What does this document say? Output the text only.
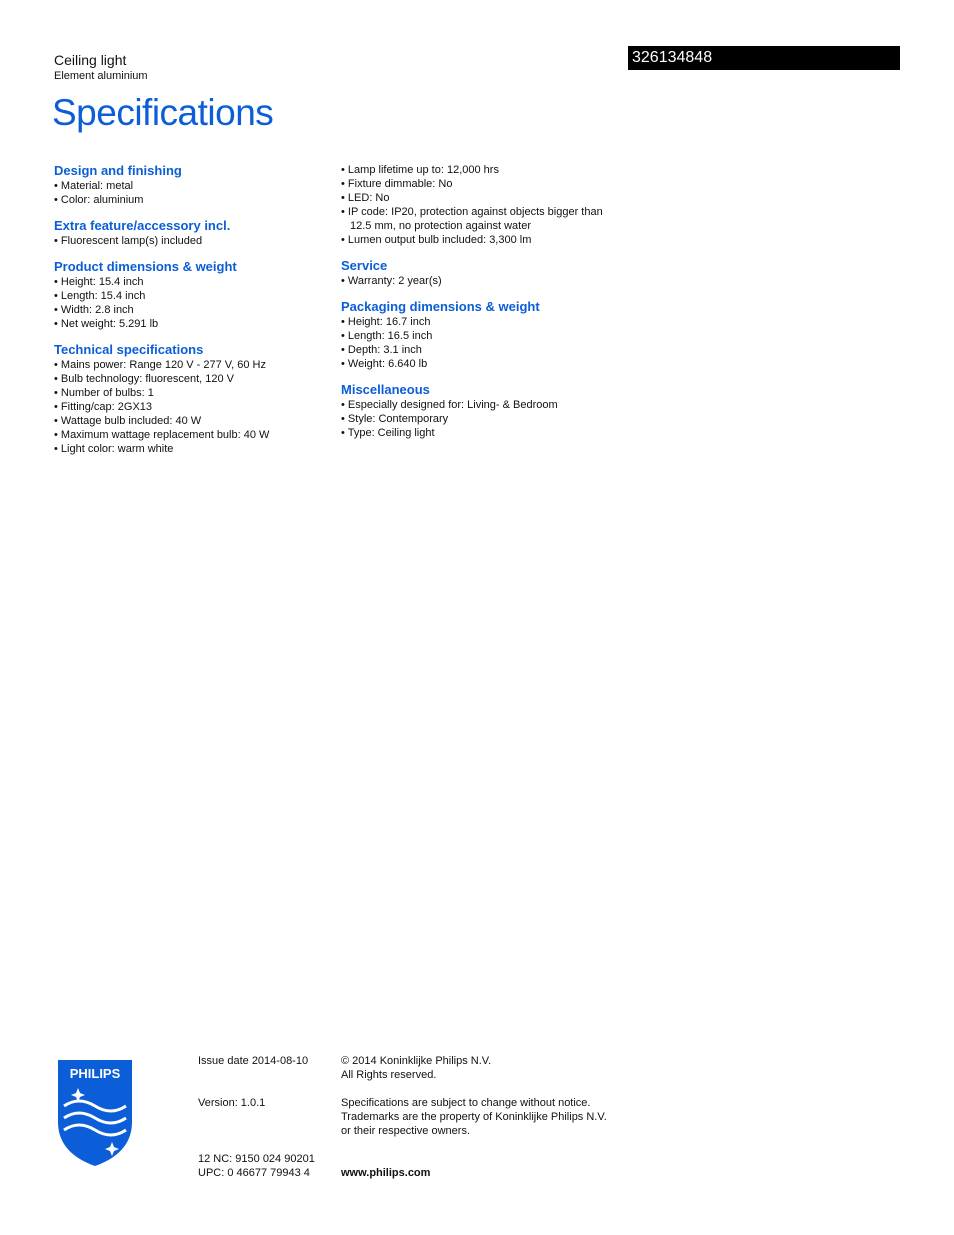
Ceiling light
Element aluminium
326134848
Specifications
Design and finishing
• Material: metal
• Color: aluminium
Extra feature/accessory incl.
• Fluorescent lamp(s) included
Product dimensions & weight
• Height: 15.4 inch
• Length: 15.4 inch
• Width: 2.8 inch
• Net weight: 5.291 lb
Technical specifications
• Mains power: Range 120 V - 277 V, 60 Hz
• Bulb technology: fluorescent, 120 V
• Number of bulbs: 1
• Fitting/cap: 2GX13
• Wattage bulb included: 40 W
• Maximum wattage replacement bulb: 40 W
• Light color: warm white
• Lamp lifetime up to: 12,000 hrs
• Fixture dimmable: No
• LED: No
• IP code: IP20, protection against objects bigger than 12.5 mm, no protection against water
• Lumen output bulb included: 3,300 lm
Service
• Warranty: 2 year(s)
Packaging dimensions & weight
• Height: 16.7 inch
• Length: 16.5 inch
• Depth: 3.1 inch
• Weight: 6.640 lb
Miscellaneous
• Especially designed for: Living- & Bedroom
• Style: Contemporary
• Type: Ceiling light
PHILIPS
Issue date 2014-08-10
Version: 1.0.1
12 NC: 9150 024 90201
UPC: 0 46677 79943 4
© 2014 Koninklijke Philips N.V.
All Rights reserved.
Specifications are subject to change without notice.
Trademarks are the property of Koninklijke Philips N.V.
or their respective owners.
www.philips.com
